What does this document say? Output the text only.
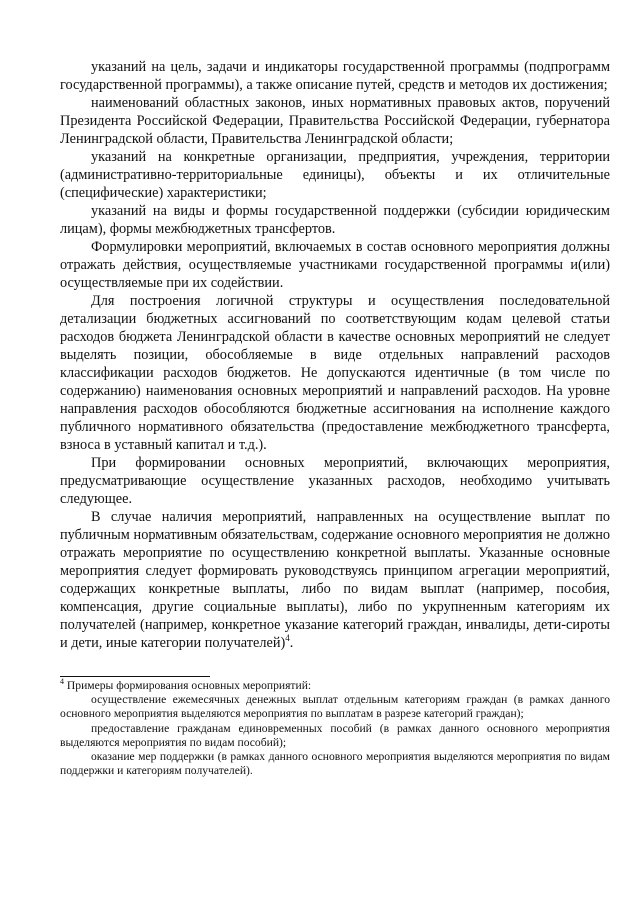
указаний на цель, задачи и индикаторы государственной программы (подпрограмм государственной программы), а также описание путей, средств и методов их достижения;

наименований областных законов, иных нормативных правовых актов, поручений Президента Российской Федерации, Правительства Российской Федерации, губернатора Ленинградской области, Правительства Ленинградской области;

указаний на конкретные организации, предприятия, учреждения, территории (административно-территориальные единицы), объекты и их отличительные (специфические) характеристики;

указаний на виды и формы государственной поддержки (субсидии юридическим лицам), формы межбюджетных трансфертов.

Формулировки мероприятий, включаемых в состав основного мероприятия должны отражать действия, осуществляемые участниками государственной программы и(или) осуществляемые при их содействии.

Для построения логичной структуры и осуществления последовательной детализации бюджетных ассигнований по соответствующим кодам целевой статьи расходов бюджета Ленинградской области в качестве основных мероприятий не следует выделять позиции, обособляемые в виде отдельных направлений расходов классификации расходов бюджетов. Не допускаются идентичные (в том числе по содержанию) наименования основных мероприятий и направлений расходов. На уровне направления расходов обособляются бюджетные ассигнования на исполнение каждого публичного нормативного обязательства (предоставление межбюджетного трансферта, взноса в уставный капитал и т.д.).

При формировании основных мероприятий, включающих мероприятия, предусматривающие осуществление указанных расходов, необходимо учитывать следующее.

В случае наличия мероприятий, направленных на осуществление выплат по публичным нормативным обязательствам, содержание основного мероприятия не должно отражать мероприятие по осуществлению конкретной выплаты. Указанные основные мероприятия следует формировать руководствуясь принципом агрегации мероприятий, содержащих конкретные выплаты, либо по видам выплат (например, пособия, компенсация, другие социальные выплаты), либо по укрупненным категориям их получателей (например, конкретное указание категорий граждан, инвалиды, дети-сироты и дети, иные категории получателей)$^4$.

$^4$ Примеры формирования основных мероприятий:

осуществление ежемесячных денежных выплат отдельным категориям граждан (в рамках данного основного мероприятия выделяются мероприятия по выплатам в разрезе категорий граждан);

предоставление гражданам единовременных пособий (в рамках данного основного мероприятия выделяются мероприятия по видам пособий);

оказание мер поддержки (в рамках данного основного мероприятия выделяются мероприятия по видам поддержки и категориям получателей).
